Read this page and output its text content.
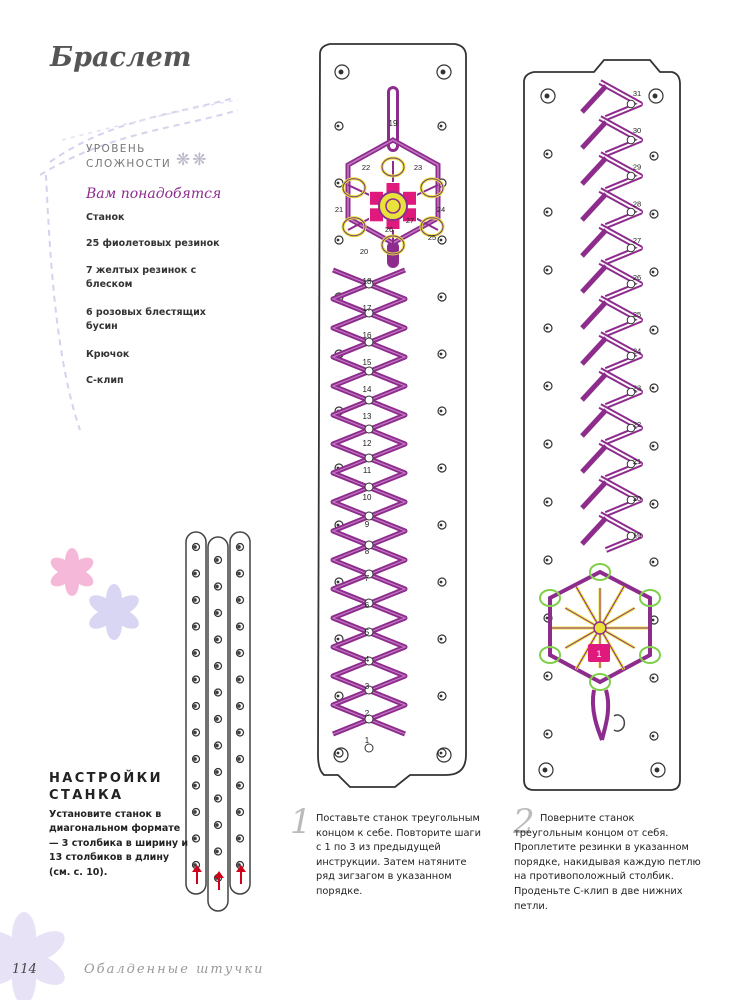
19
18
17
16
15
14
13
12
11
10
9
8
7
6
5
4
3
2
1
22	23
24
25
20
21
26
27
31
30
29
28
27
26
25
24
23
22
21
20
19
1
Браслет
УРОВЕНЬ
СЛОЖНОСТИ ❋❋
Вам понадобятся
Станок
25 фиолетовых резинок
7 желтых резинок с блеском
6 розовых блестящих бусин
Крючок
С-клип
НАСТРОЙКИ
СТАНКА
Установите станок в диагональном формате — 3 столбика в ширину и 13 столбиков в длину (см. с. 10).
1 Поставьте станок треугольным концом к себе. Повторите шаги с 1 по 3 из предыдущей инструкции. Затем натяните ряд зигзагом в указанном порядке.
2 Поверните станок треугольным концом от себя. Проплетите резинки в указанном порядке, накидывая каждую петлю на противоположный столбик. Проденьте С-клип в две нижних петли.
114	Обалденные штучки
